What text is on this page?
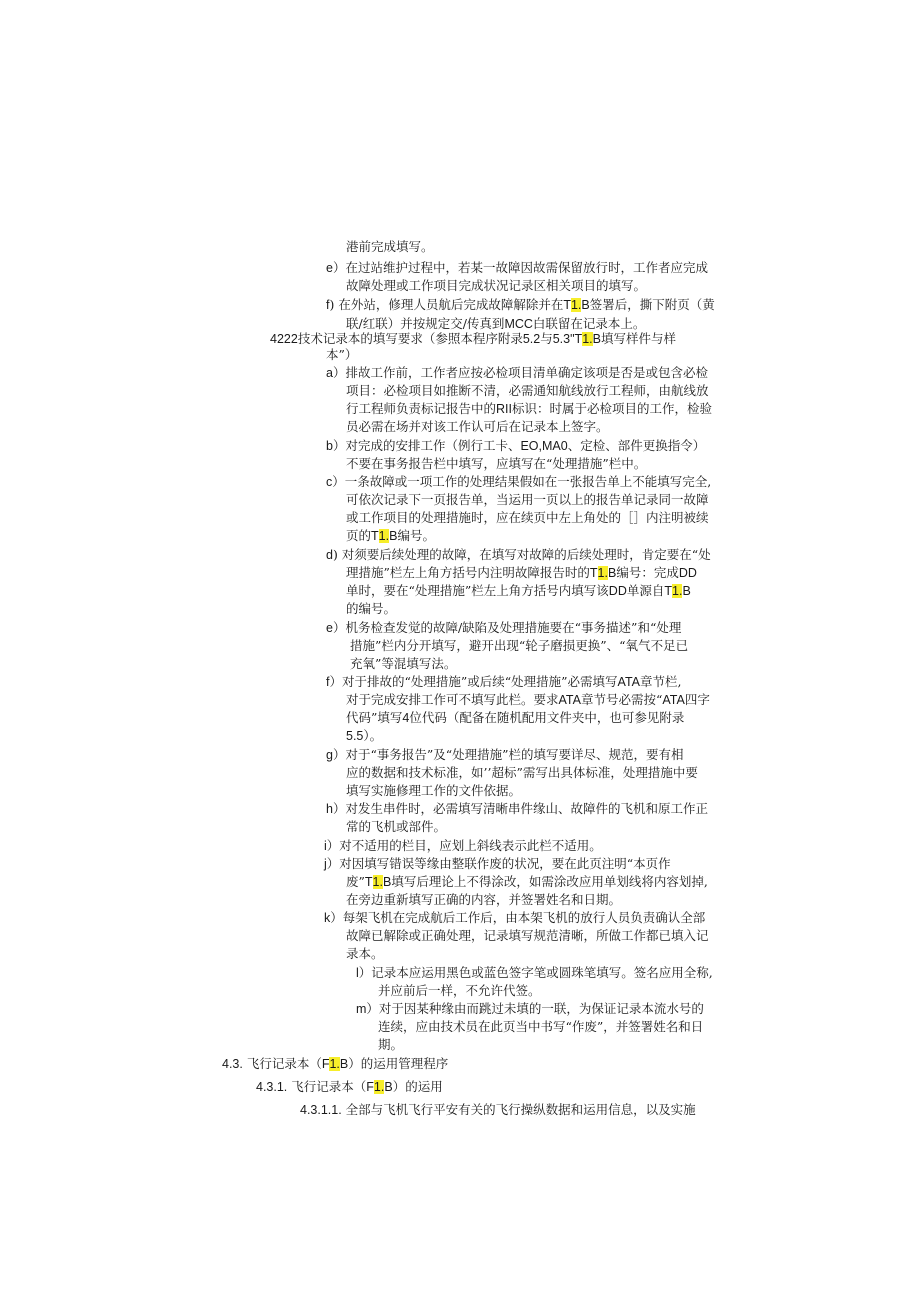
港前完成填写。
e）在过站维护过程中，若某一故障因故需保留放行时，工作者应完成
故障处理或工作项目完成状况记录区相关项目的填写。
f) 在外站，修理人员航后完成故障解除并在T1.B签署后，撕下附页（黄
联/红联）并按规定交/传真到MCC白联留在记录本上。
4222技术记录本的填写要求（参照本程序附录5.2与5.3"T1.B填写样件与样
本”）
a）排故工作前，工作者应按必检项目清单确定该项是否是或包含必检
项目：必检项目如推断不清，必需通知航线放行工程师，由航线放
行工程师负责标记报告中的RII标识：时属于必检项目的工作，检验
员必需在场并对该工作认可后在记录本上签字。
b）对完成的安排工作（例行工卡、EO,MA0、定检、部件更换指令）
不要在事务报告栏中填写，应填写在“处理措施”栏中。
c）一条故障或一项工作的处理结果假如在一张报告单上不能填写完全,
可依次记录下一页报告单，当运用一页以上的报告单记录同一故障
或工作项目的处理措施时，应在续页中左上角处的［］内注明被续
页的T1.B编号。
d) 对须要后续处理的故障，在填写对故障的后续处理时，肯定要在“处
理措施”栏左上角方括号内注明故障报告时的T1.B编号：完成DD
单时，要在“处理措施”栏左上角方括号内填写该DD单源自T1.B
的编号。
e）机务检查发觉的故障/缺陷及处理措施要在“事务描述”和“处理
措施”栏内分开填写，避开出现“轮子磨损更换”、“氧气不足已
充氧”等混填写法。
f）对于排故的“处理措施”或后续“处理措施”必需填写ATA章节栏,
对于完成安排工作可不填写此栏。要求ATA章节号必需按“ATA四字
代码”填写4位代码（配备在随机配用文件夹中，也可参见附录
5.5）。
g）对于“事务报告”及“处理措施”栏的填写要详尽、规范，要有相
应的数据和技术标准，如’’超标”需写出具体标准，处理措施中要
填写实施修理工作的文件依据。
h）对发生串件时，必需填写清晰串件缘山、故障件的飞机和原工作正
常的飞机或部件。
i）对不适用的栏目，应划上斜线表示此栏不适用。
j）对因填写错误等缘由整联作废的状况，要在此页注明“本页作
废”T1.B填写后理论上不得涂改，如需涂改应用单划线将内容划掉,
在旁边重新填写正确的内容，并签署姓名和日期。
k）每架飞机在完成航后工作后，由本架飞机的放行人员负责确认全部
故障已解除或正确处理，记录填写规范清晰，所做工作都已填入记
录本。
l）记录本应运用黑色或蓝色签字笔或圆珠笔填写。签名应用全称,
并应前后一样，不允许代签。
m）对于因某种缘由而跳过未填的一联，为保证记录本流水号的
连续，应由技术员在此页当中书写“作废”，并签署姓名和日
期。
4.3. 飞行记录本（F1.B）的运用管理程序
4.3.1. 飞行记录本（F1.B）的运用
4.3.1.1. 全部与飞机飞行平安有关的飞行操纵数据和运用信息，以及实施
